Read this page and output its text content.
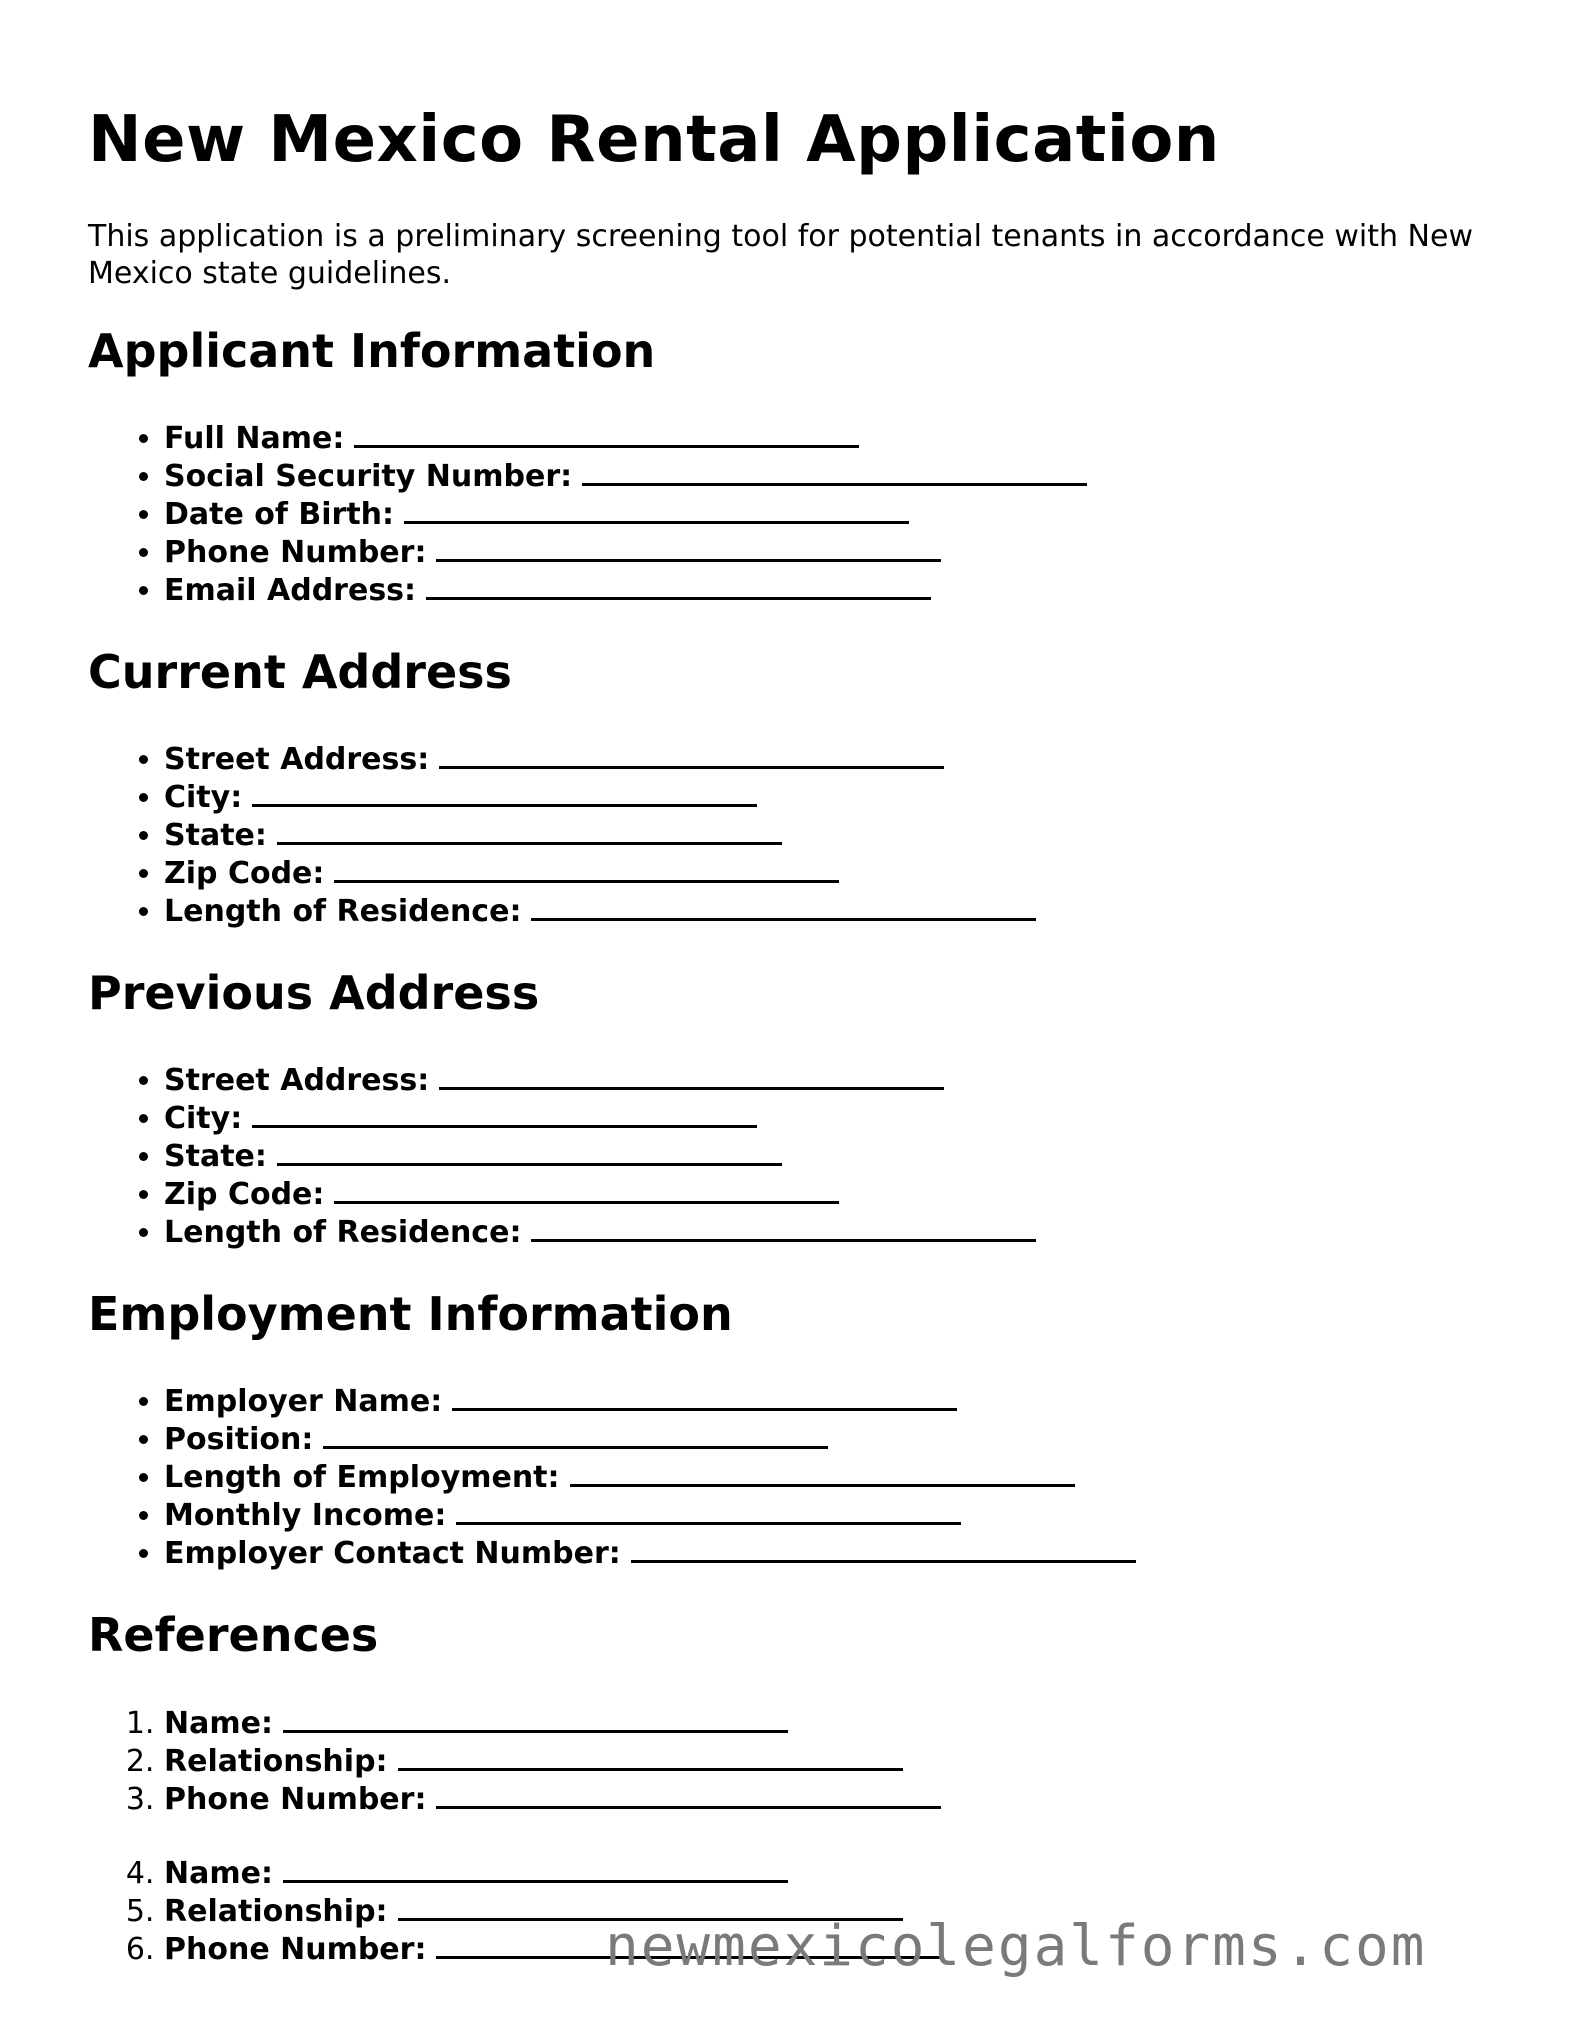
New Mexico Rental Application

This application is a preliminary screening tool for potential tenants in accordance with New Mexico state guidelines.

Applicant Information
• Full Name:
• Social Security Number:
• Date of Birth:
• Phone Number:
• Email Address:
Current Address
• Street Address:
• City:
• State:
• Zip Code:
• Length of Residence:
Previous Address
• Street Address:
• City:
• State:
• Zip Code:
• Length of Residence:
Employment Information
• Employer Name:
• Position:
• Length of Employment:
• Monthly Income:
• Employer Contact Number:
References
1. Name:
2. Relationship:
3. Phone Number:
4. Name:
5. Relationship:
6. Phone Number:	newmexicolegalforms.com
